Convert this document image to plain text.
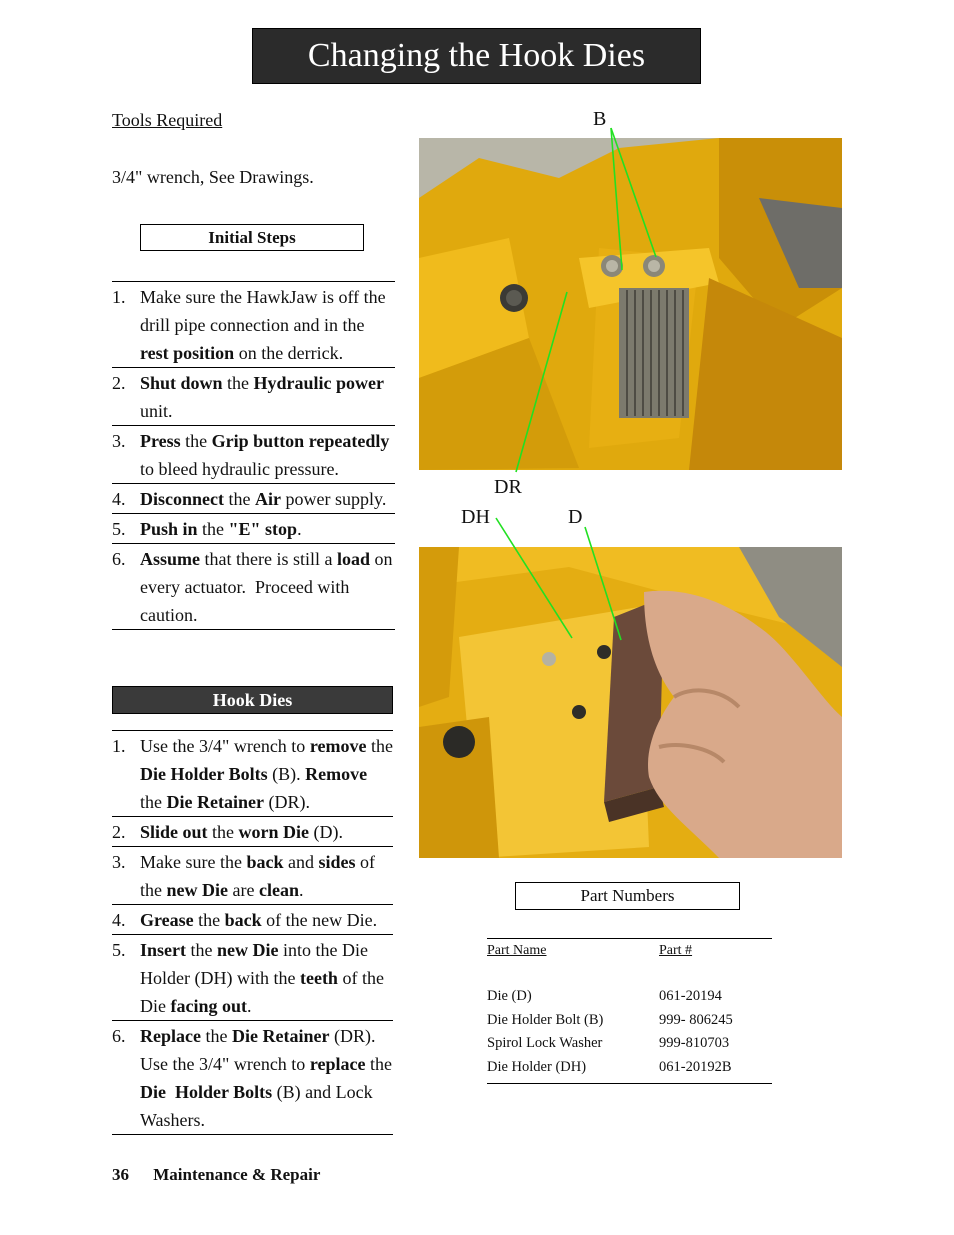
Changing the Hook Dies
Tools Required
3/4" wrench, See Drawings.
Initial Steps
1. Make sure the HawkJaw is off the drill pipe connection and in the rest position on the derrick.
2. Shut down the Hydraulic power unit.
3. Press the Grip button repeatedly to bleed hydraulic pressure.
4. Disconnect the Air power supply.
5. Push in the "E" stop.
6. Assume that there is still a load on every actuator.  Proceed with caution.
Hook Dies
1. Use the 3/4" wrench to remove the Die Holder Bolts (B). Remove the Die Retainer (DR).
2. Slide out the worn Die (D).
3. Make sure the back and sides of the new Die are clean.
4. Grease the back of the new Die.
5. Insert the new Die into the Die Holder (DH) with the teeth of the Die facing out.
6. Replace the Die Retainer (DR). Use the 3/4" wrench to replace the Die  Holder Bolts (B) and Lock Washers.
B
DR
DH	D
Part Numbers
Part Name	Part #
Die (D)	061-20194
Die Holder Bolt (B)	999- 806245
Spirol Lock Washer	999-810703
Die Holder (DH)	061-20192B
36 Maintenance & Repair
